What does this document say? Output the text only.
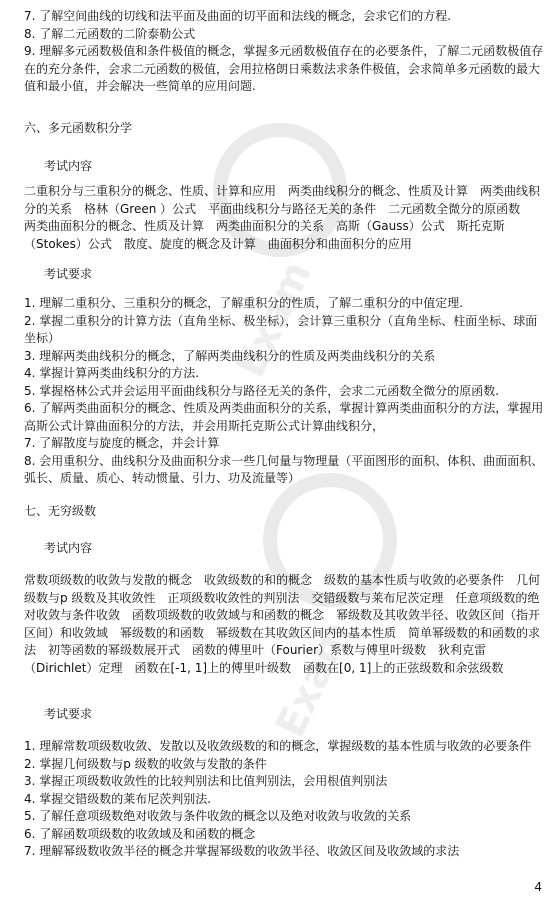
Exam
Exam

7. 了解空间曲线的切线和法平面及曲面的切平面和法线的概念，会求它们的方程.

8. 了解二元函数的二阶泰勒公式

9. 理解多元函数极值和条件极值的概念，掌握多元函数极值存在的必要条件，了解二元函数极值存在的充分条件，会求二元函数的极值，会用拉格朗日乘数法求条件极值，会求简单多元函数的最大值和最小值，并会解决一些简单的应用问题.

六、多元函数积分学

考试内容

二重积分与三重积分的概念、性质、计算和应用　两类曲线积分的概念、性质及计算　两类曲线积分的关系　格林（Green ）公式　平面曲线积分与路径无关的条件　二元函数全微分的原函数　两类曲面积分的概念、性质及计算　两类曲面积分的关系　高斯（Gauss）公式　斯托克斯（Stokes）公式　散度、旋度的概念及计算　曲面积分和曲面积分的应用

考试要求

1. 理解二重积分、三重积分的概念，了解重积分的性质，了解二重积分的中值定理.

2. 掌握二重积分的计算方法（直角坐标、极坐标），会计算三重积分（直角坐标、柱面坐标、球面坐标）

3. 理解两类曲线积分的概念，了解两类曲线积分的性质及两类曲线积分的关系

4. 掌握计算两类曲线积分的方法.

5. 掌握格林公式并会运用平面曲线积分与路径无关的条件，会求二元函数全微分的原函数.

6. 了解两类曲面积分的概念、性质及两类曲面积分的关系，掌握计算两类曲面积分的方法，掌握用高斯公式计算曲面积分的方法，并会用斯托克斯公式计算曲线积分，

7. 了解散度与旋度的概念，并会计算

8. 会用重积分、曲线积分及曲面积分求一些几何量与物理量（平面图形的面积、体积、曲面面积、弧长、质量、质心、转动惯量、引力、功及流量等）

七、无穷级数

考试内容

常数项级数的收敛与发散的概念　收敛级数的和的概念　级数的基本性质与收敛的必要条件　几何级数与p 级数及其收敛性　正项级数收敛性的判别法　交错级数与莱布尼茨定理　任意项级数的绝对收敛与条件收敛　函数项级数的收敛域与和函数的概念　幂级数及其收敛半径、收敛区间（指开区间）和收敛域　幂级数的和函数　幂级数在其收敛区间内的基本性质　简单幂级数的和函数的求法　初等函数的幂级数展开式　函数的傅里叶（Fourier）系数与傅里叶级数　狄利克雷（Dirichlet）定理　函数在[-1, 1]上的傅里叶级数　函数在[0, 1]上的正弦级数和余弦级数

考试要求

1. 理解常数项级数收敛、发散以及收敛级数的和的概念，掌握级数的基本性质与收敛的必要条件

2. 掌握几何级数与p 级数的收敛与发散的条件

3. 掌握正项级数收敛性的比较判别法和比值判别法，会用根值判别法

4. 掌握交错级数的莱布尼茨判别法.

5. 了解任意项级数绝对收敛与条件收敛的概念以及绝对收敛与收敛的关系

6. 了解函数项级数的收敛域及和函数的概念

7. 理解幂级数收敛半径的概念并掌握幂级数的收敛半径、收敛区间及收敛域的求法

4
